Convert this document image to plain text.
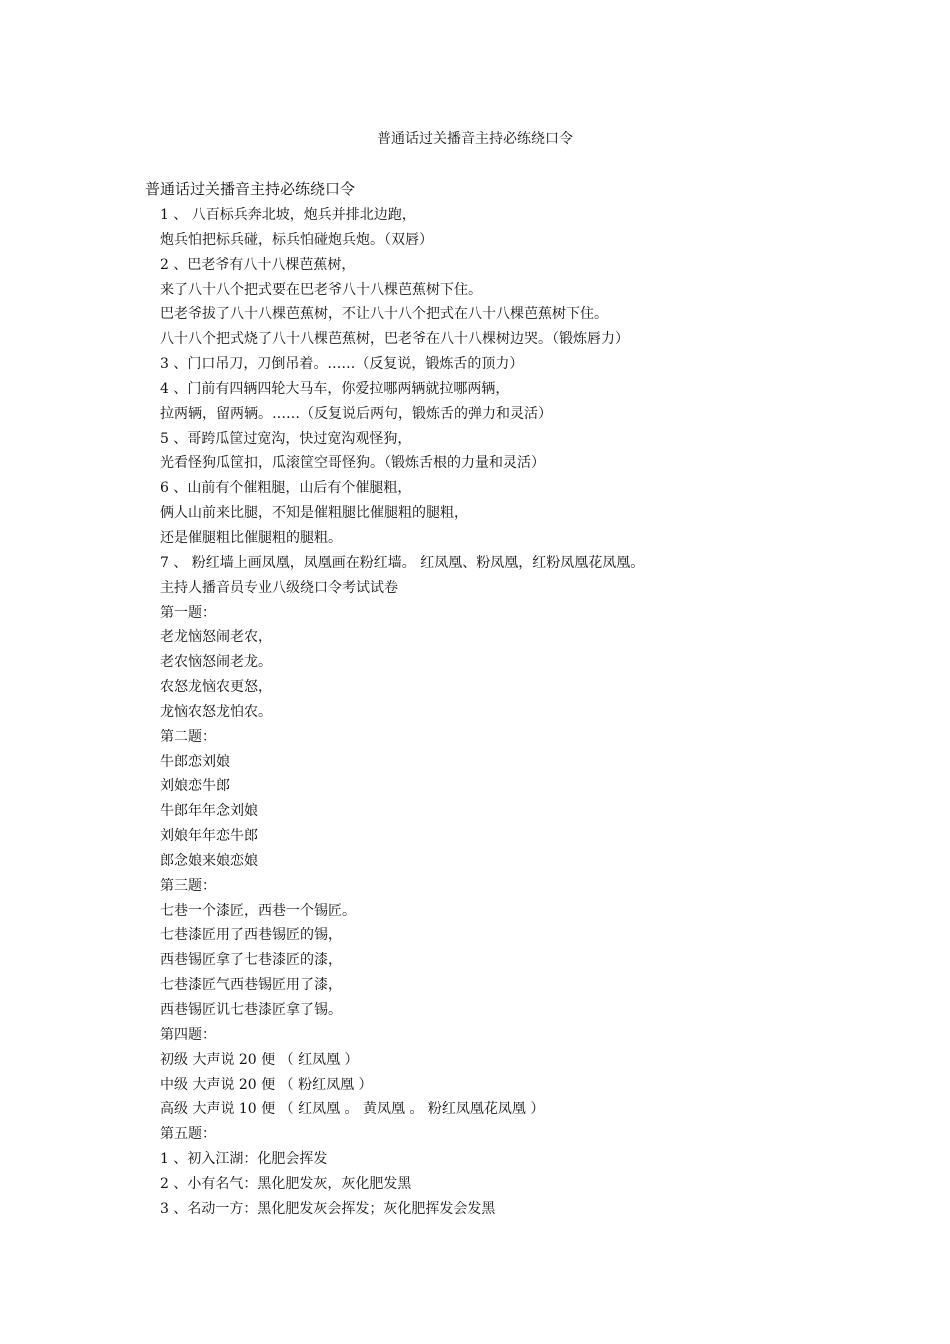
普通话过关播音主持必练绕口令
普通话过关播音主持必练绕口令
1 、 八百标兵奔北坡，炮兵并排北边跑，
炮兵怕把标兵碰，标兵怕碰炮兵炮。（双唇）
2 、巴老爷有八十八棵芭蕉树，
来了八十八个把式要在巴老爷八十八棵芭蕉树下住。
巴老爷拔了八十八棵芭蕉树，不让八十八个把式在八十八棵芭蕉树下住。
八十八个把式烧了八十八棵芭蕉树，巴老爷在八十八棵树边哭。（锻炼唇力）
3 、门口吊刀，刀倒吊着。……（反复说，锻炼舌的顶力）
4 、门前有四辆四轮大马车，你爱拉哪两辆就拉哪两辆，
拉两辆，留两辆。……（反复说后两句，锻炼舌的弹力和灵活）
5 、哥跨瓜筐过宽沟，快过宽沟观怪狗，
光看怪狗瓜筐扣，瓜滚筐空哥怪狗。（锻炼舌根的力量和灵活）
6 、山前有个催粗腿，山后有个催腿粗，
俩人山前来比腿，不知是催粗腿比催腿粗的腿粗，
还是催腿粗比催腿粗的腿粗。
7 、 粉红墙上画凤凰，凤凰画在粉红墙。 红凤凰、粉凤凰，红粉凤凰花凤凰。
主持人播音员专业八级绕口令考试试卷
第一题：
老龙恼怒闹老农，
老农恼怒闹老龙。
农怒龙恼农更怒，
龙恼农怒龙怕农。
第二题：
牛郎恋刘娘
刘娘恋牛郎
牛郎年年念刘娘
刘娘年年恋牛郎
郎念娘来娘恋娘
第三题：
七巷一个漆匠，西巷一个锡匠。
七巷漆匠用了西巷锡匠的锡，
西巷锡匠拿了七巷漆匠的漆，
七巷漆匠气西巷锡匠用了漆，
西巷锡匠讥七巷漆匠拿了锡。
第四题：
初级 大声说 20 便 （ 红凤凰 ）
中级 大声说 20 便 （ 粉红凤凰 ）
高级 大声说 10 便 （ 红凤凰 。 黄凤凰 。 粉红凤凰花凤凰 ）
第五题：
1 、初入江湖：化肥会挥发
2 、小有名气：黑化肥发灰，灰化肥发黑
3 、名动一方：黑化肥发灰会挥发；灰化肥挥发会发黑
